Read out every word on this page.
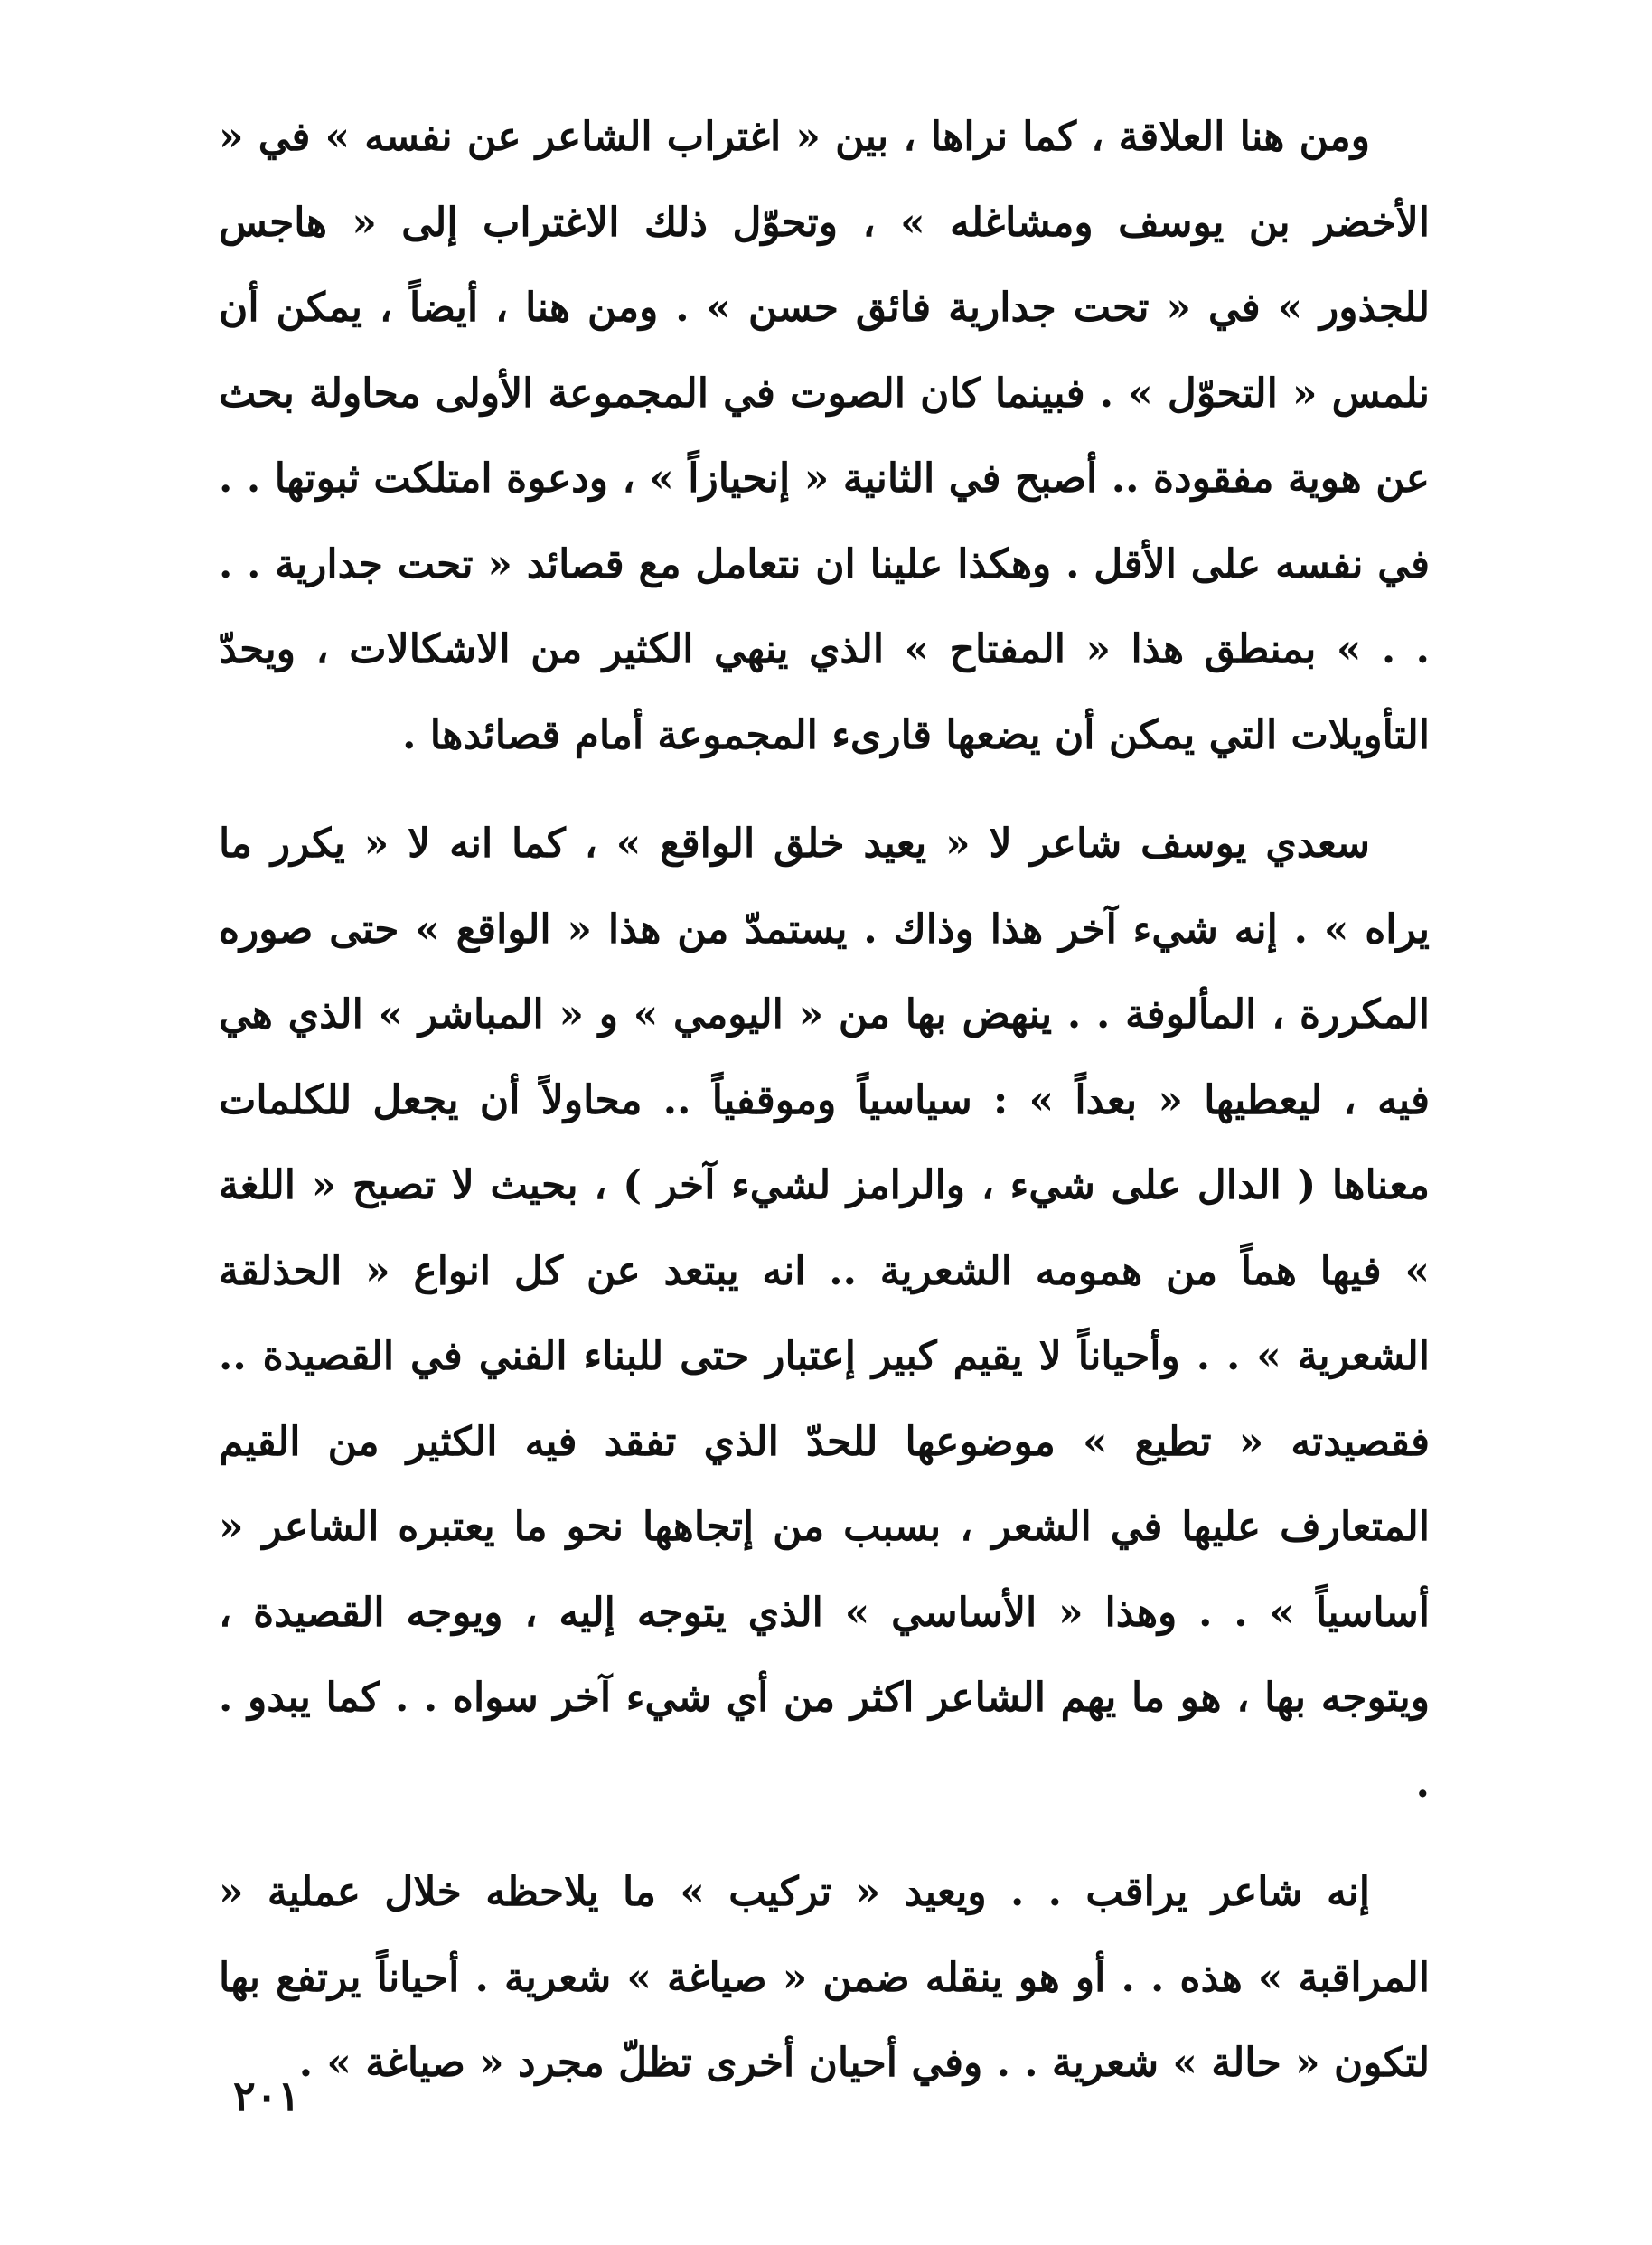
ومن هنا العلاقة ، كما نراها ، بين « اغتراب الشاعر عن نفسه » في « الأخضر بن يوسف ومشاغله » ، وتحوّل ذلك الاغتراب إلى « هاجس للجذور » في « تحت جدارية فائق حسن » . ومن هنا ، أيضاً ، يمكن أن نلمس « التحوّل » . فبينما كان الصوت في المجموعة الأولى محاولة بحث عن هوية مفقودة .. أصبح في الثانية « إنحيازاً » ، ودعوة امتلكت ثبوتها . . في نفسه على الأقل . وهكذا علينا ان نتعامل مع قصائد « تحت جدارية . . . . » بمنطق هذا « المفتاح » الذي ينهي الكثير من الاشكالات ، ويحدّ التأويلات التي يمكن أن يضعها قارىء المجموعة أمام قصائدها .

سعدي يوسف شاعر لا « يعيد خلق الواقع » ، كما انه لا « يكرر ما يراه » . إنه شيء آخر هذا وذاك . يستمدّ من هذا « الواقع » حتى صوره المكررة ، المألوفة . . ينهض بها من « اليومي » و « المباشر » الذي هي فيه ، ليعطيها « بعداً » : سياسياً وموقفياً .. محاولاً أن يجعل للكلمات معناها ( الدال على شيء ، والرامز لشيء آخر ) ، بحيث لا تصبح « اللغة » فيها هماً من همومه الشعرية .. انه يبتعد عن كل انواع « الحذلقة الشعرية » . . وأحياناً لا يقيم كبير إعتبار حتى للبناء الفني في القصيدة .. فقصيدته « تطيع » موضوعها للحدّ الذي تفقد فيه الكثير من القيم المتعارف عليها في الشعر ، بسبب من إتجاهها نحو ما يعتبره الشاعر « أساسياً » . . وهذا « الأساسي » الذي يتوجه إليه ، ويوجه القصيدة ، ويتوجه بها ، هو ما يهم الشاعر اكثر من أي شيء آخر سواه . . كما يبدو . .

إنه شاعر يراقب . . ويعيد « تركيب » ما يلاحظه خلال عملية « المراقبة » هذه . . أو هو ينقله ضمن « صياغة » شعرية . أحياناً يرتفع بها لتكون « حالة » شعرية . . وفي أحيان أخرى تظلّ مجرد « صياغة » .

٢٠١
